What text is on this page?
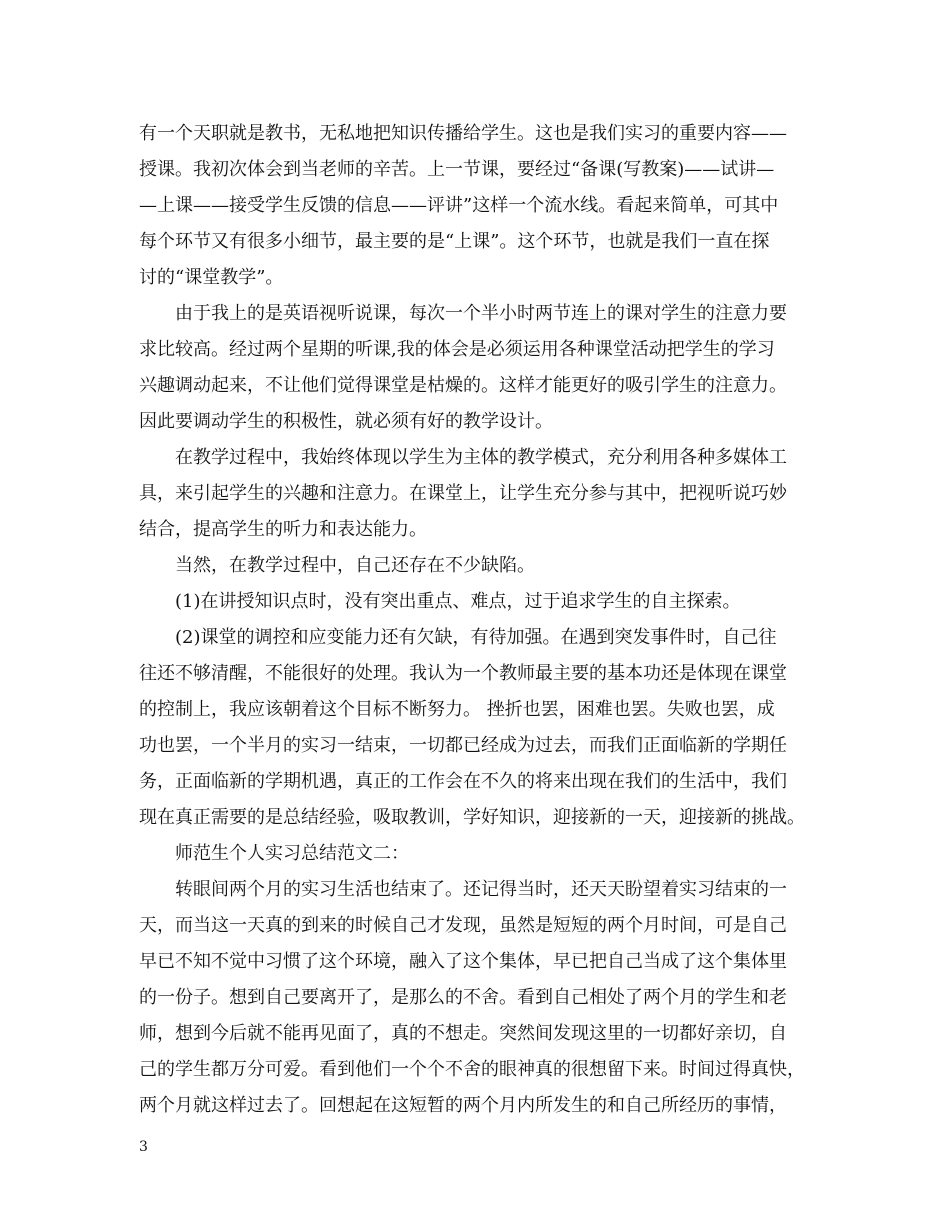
有一个天职就是教书，无私地把知识传播给学生。这也是我们实习的重要内容——
授课。我初次体会到当老师的辛苦。上一节课，要经过“备课(写教案)——试讲—
—上课——接受学生反馈的信息——评讲”这样一个流水线。看起来简单，可其中
每个环节又有很多小细节，最主要的是“上课”。这个环节，也就是我们一直在探
讨的“课堂教学”。
由于我上的是英语视听说课，每次一个半小时两节连上的课对学生的注意力要
求比较高。经过两个星期的听课,我的体会是必须运用各种课堂活动把学生的学习
兴趣调动起来，不让他们觉得课堂是枯燥的。这样才能更好的吸引学生的注意力。
因此要调动学生的积极性，就必须有好的教学设计。
在教学过程中，我始终体现以学生为主体的教学模式，充分利用各种多媒体工
具，来引起学生的兴趣和注意力。在课堂上，让学生充分参与其中，把视听说巧妙
结合，提高学生的听力和表达能力。
当然，在教学过程中，自己还存在不少缺陷。
(1)在讲授知识点时，没有突出重点、难点，过于追求学生的自主探索。
(2)课堂的调控和应变能力还有欠缺，有待加强。在遇到突发事件时，自己往
往还不够清醒，不能很好的处理。我认为一个教师最主要的基本功还是体现在课堂
的控制上，我应该朝着这个目标不断努力。 挫折也罢，困难也罢。失败也罢，成
功也罢，一个半月的实习一结束，一切都已经成为过去，而我们正面临新的学期任
务，正面临新的学期机遇，真正的工作会在不久的将来出现在我们的生活中，我们
现在真正需要的是总结经验，吸取教训，学好知识，迎接新的一天，迎接新的挑战。
师范生个人实习总结范文二：
转眼间两个月的实习生活也结束了。还记得当时，还天天盼望着实习结束的一
天，而当这一天真的到来的时候自己才发现，虽然是短短的两个月时间，可是自己
早已不知不觉中习惯了这个环境，融入了这个集体，早已把自己当成了这个集体里
的一份子。想到自己要离开了，是那么的不舍。看到自己相处了两个月的学生和老
师，想到今后就不能再见面了，真的不想走。突然间发现这里的一切都好亲切，自
己的学生都万分可爱。看到他们一个个不舍的眼神真的很想留下来。时间过得真快，
两个月就这样过去了。回想起在这短暂的两个月内所发生的和自己所经历的事情，
3
